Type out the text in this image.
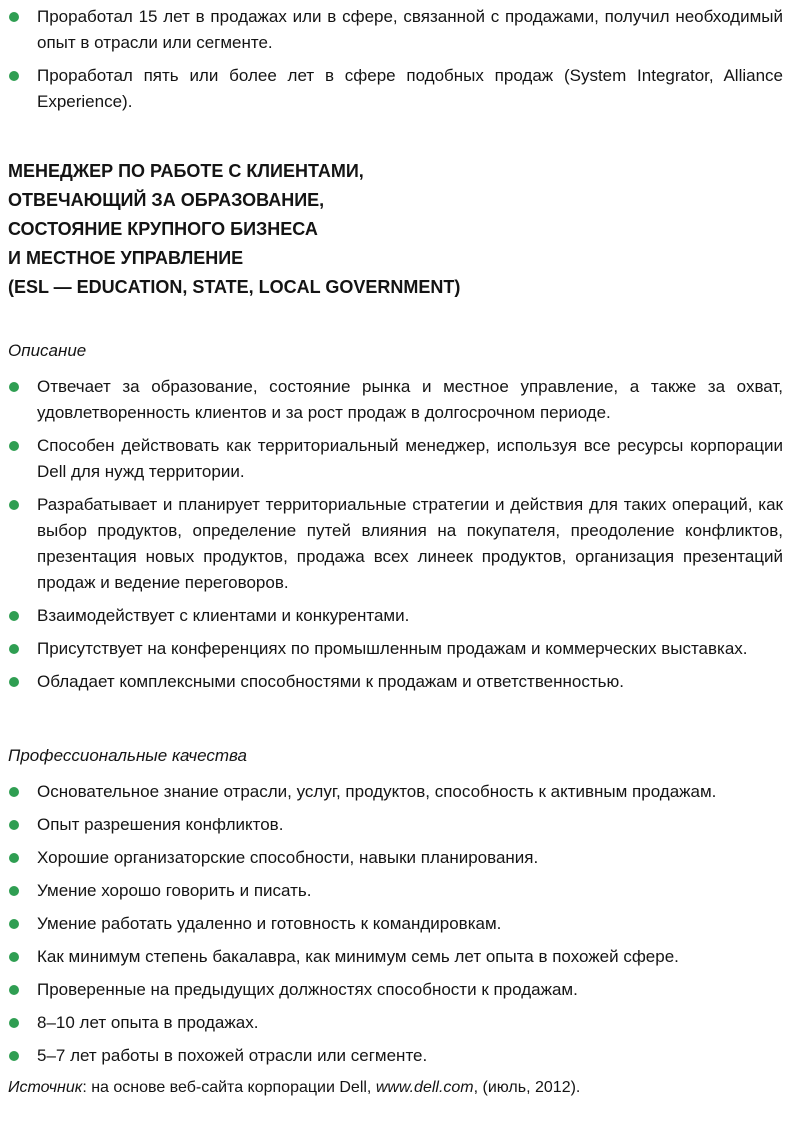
Проработал 15 лет в продажах или в сфере, связанной с продажами, получил необходимый опыт в отрасли или сегменте.
Проработал пять или более лет в сфере подобных продаж (System Integrator, Alliance Experience).
МЕНЕДЖЕР ПО РАБОТЕ С КЛИЕНТАМИ,
ОТВЕЧАЮЩИЙ ЗА ОБРАЗОВАНИЕ,
СОСТОЯНИЕ КРУПНОГО БИЗНЕСА
И МЕСТНОЕ УПРАВЛЕНИЕ
(ESL — EDUCATION, STATE, LOCAL GOVERNMENT)
Описание
Отвечает за образование, состояние рынка и местное управление, а также за охват, удовлетворенность клиентов и за рост продаж в долгосрочном периоде.
Способен действовать как территориальный менеджер, используя все ресурсы корпорации Dell для нужд территории.
Разрабатывает и планирует территориальные стратегии и действия для таких операций, как выбор продуктов, определение путей влияния на покупателя, преодоление конфликтов, презентация новых продуктов, продажа всех линеек продуктов, организация презентаций продаж и ведение переговоров.
Взаимодействует с клиентами и конкурентами.
Присутствует на конференциях по промышленным продажам и коммерческих выставках.
Обладает комплексными способностями к продажам и ответственностью.
Профессиональные качества
Основательное знание отрасли, услуг, продуктов, способность к активным продажам.
Опыт разрешения конфликтов.
Хорошие организаторские способности, навыки планирования.
Умение хорошо говорить и писать.
Умение работать удаленно и готовность к командировкам.
Как минимум степень бакалавра, как минимум семь лет опыта в похожей сфере.
Проверенные на предыдущих должностях способности к продажам.
8–10 лет опыта в продажах.
5–7 лет работы в похожей отрасли или сегменте.

Источник: на основе веб-сайта корпорации Dell, www.dell.com, (июль, 2012).
